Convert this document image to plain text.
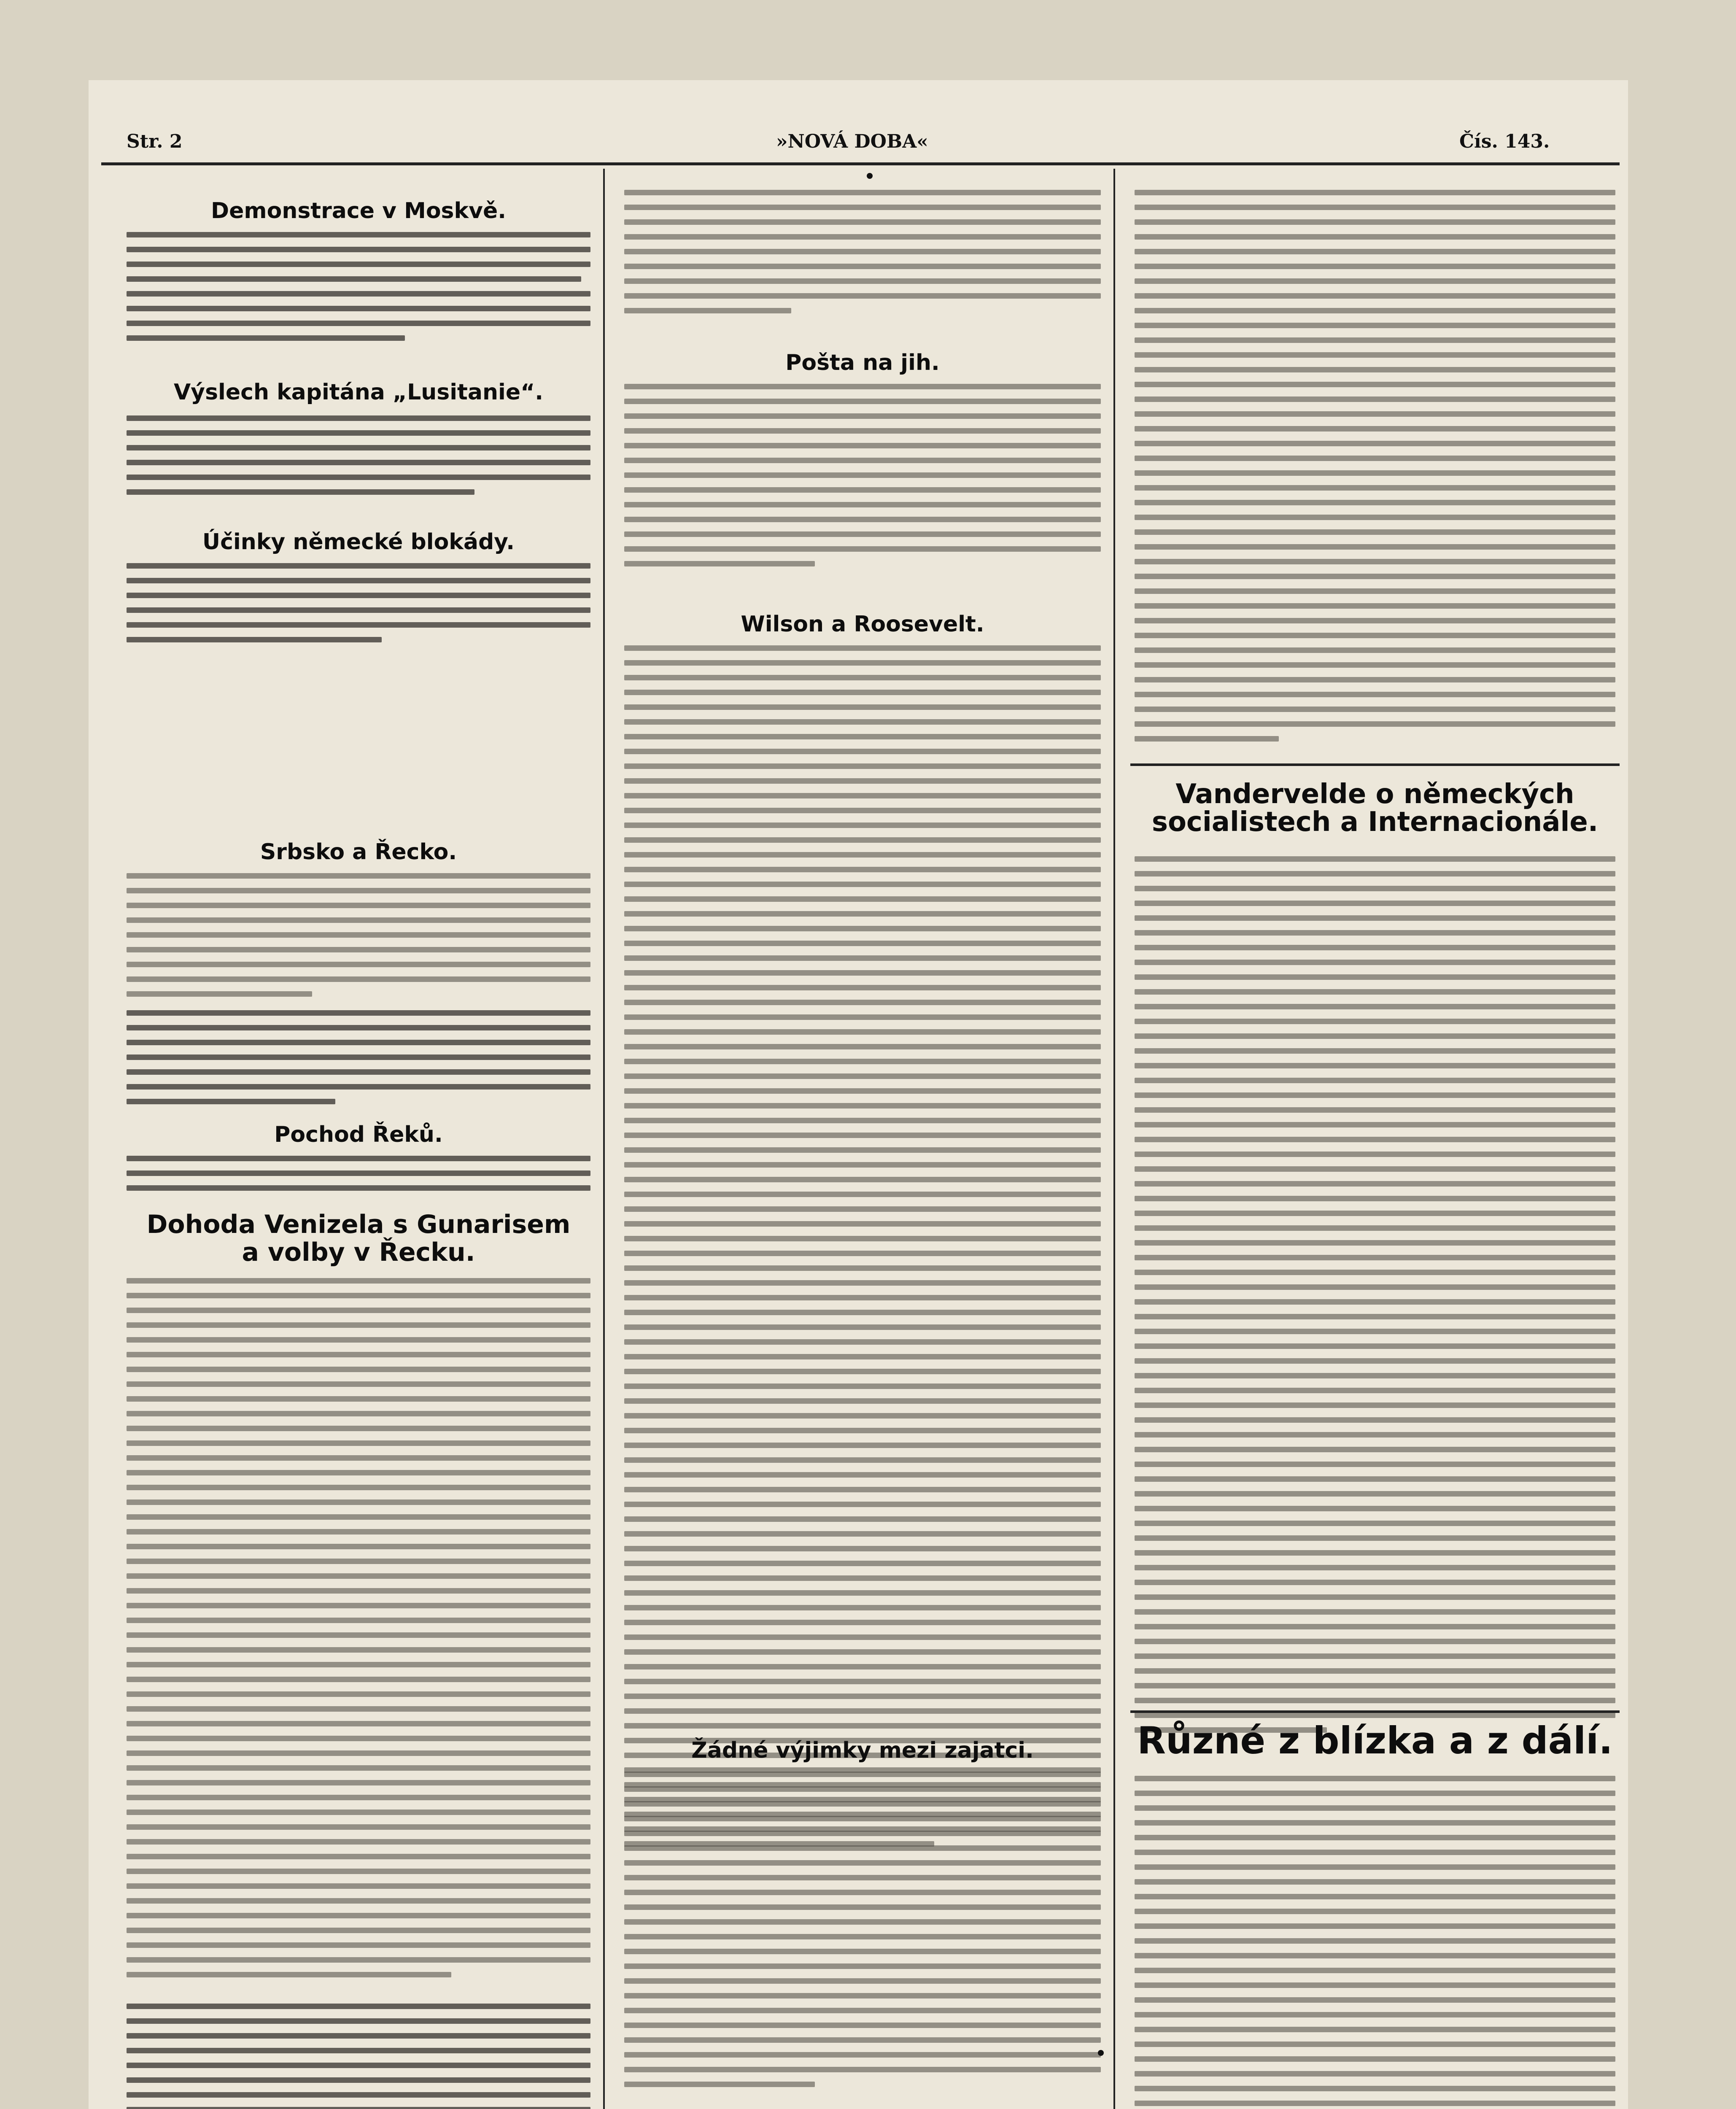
Str. 2	»NOVÁ DOBA«	Čís. 143.
Demonstrace v Moskvě.
Výslech kapitána „Lusitanie“.
Účinky německé blokády.
Srbsko a Řecko.
Pochod Řeků.
Dohoda Venizela s Gunarisem a volby v Řecku.
Pošta na jih.
Wilson a Roosevelt.
Žádné výjimky mezi zajatci.
Vandervelde o německých socialistech a Internacionále.
Různé z blízka a z dálí.
